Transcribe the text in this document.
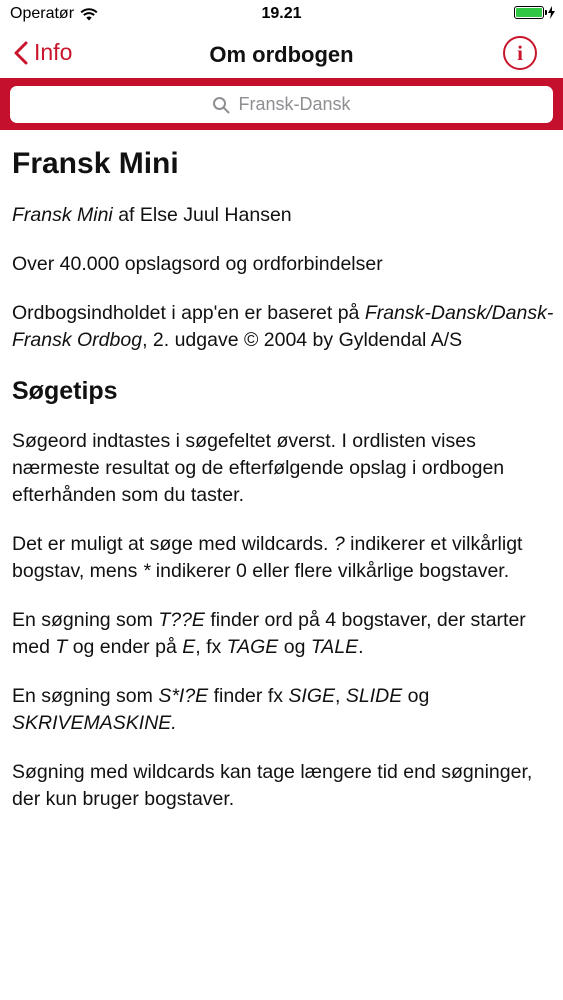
Operatør	19.21
Info	Om ordbogen	i
Fransk-Dansk
Fransk Mini

Fransk Mini af Else Juul Hansen

Over 40.000 opslagsord og ordforbindelser

Ordbogsindholdet i app'en er baseret på Fransk-Dansk/Dansk-Fransk Ordbog, 2. udgave © 2004 by Gyldendal A/S

Søgetips

Søgeord indtastes i søgefeltet øverst. I ordlisten vises nærmeste resultat og de efterfølgende opslag i ordbogen efterhånden som du taster.

Det er muligt at søge med wildcards. ? indikerer et vilkårligt bogstav, mens * indikerer 0 eller flere vilkårlige bogstaver.

En søgning som T??E finder ord på 4 bogstaver, der starter med T og ender på E, fx TAGE og TALE.

En søgning som S*I?E finder fx SIGE, SLIDE og SKRIVEMASKINE.

Søgning med wildcards kan tage længere tid end søgninger, der kun bruger bogstaver.
